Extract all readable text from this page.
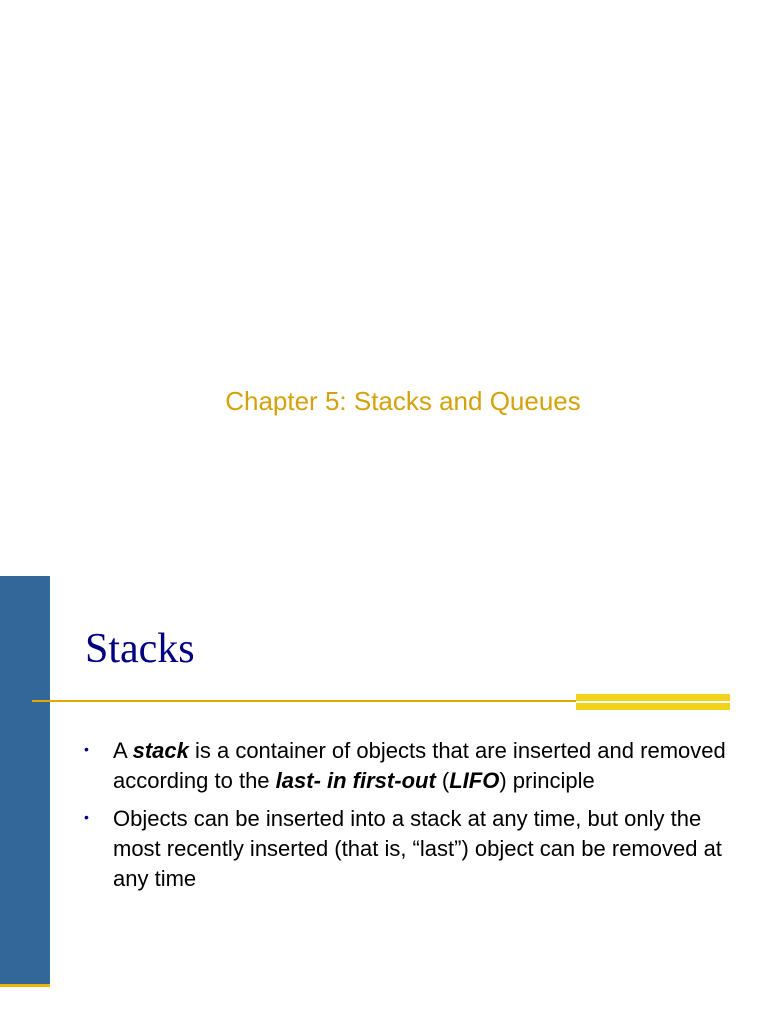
Chapter 5: Stacks and Queues
Stacks
• A stack is a container of objects that are inserted and removed according to the last- in first-out (LIFO) principle
• Objects can be inserted into a stack at any time, but only the most recently inserted (that is, “last”) object can be removed at any time
